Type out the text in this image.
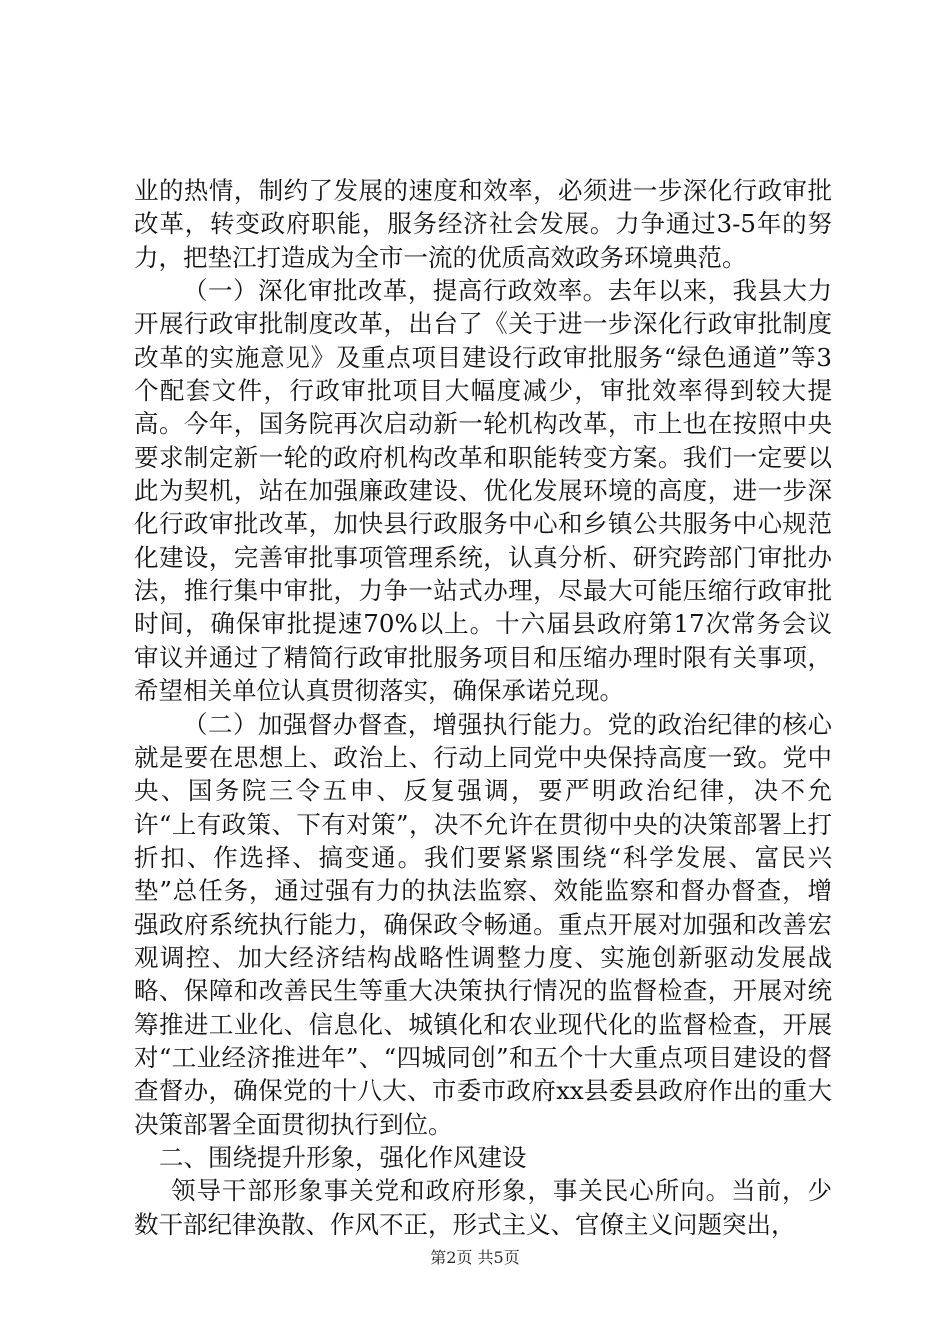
业的热情，制约了发展的速度和效率，必须进一步深化行政审批改革，转变政府职能，服务经济社会发展。力争通过3-5年的努力，把垫江打造成为全市一流的优质高效政务环境典范。

（一）深化审批改革，提高行政效率。去年以来，我县大力开展行政审批制度改革，出台了《关于进一步深化行政审批制度改革的实施意见》及重点项目建设行政审批服务“绿色通道”等3个配套文件，行政审批项目大幅度减少，审批效率得到较大提高。今年，国务院再次启动新一轮机构改革，市上也在按照中央要求制定新一轮的政府机构改革和职能转变方案。我们一定要以此为契机，站在加强廉政建设、优化发展环境的高度，进一步深化行政审批改革，加快县行政服务中心和乡镇公共服务中心规范化建设，完善审批事项管理系统，认真分析、研究跨部门审批办法，推行集中审批，力争一站式办理，尽最大可能压缩行政审批时间，确保审批提速70%以上。十六届县政府第17次常务会议审议并通过了精简行政审批服务项目和压缩办理时限有关事项，希望相关单位认真贯彻落实，确保承诺兑现。

（二）加强督办督查，增强执行能力。党的政治纪律的核心就是要在思想上、政治上、行动上同党中央保持高度一致。党中央、国务院三令五申、反复强调，要严明政治纪律，决不允许“上有政策、下有对策”，决不允许在贯彻中央的决策部署上打折扣、作选择、搞变通。我们要紧紧围绕“科学发展、富民兴垫”总任务，通过强有力的执法监察、效能监察和督办督查，增强政府系统执行能力，确保政令畅通。重点开展对加强和改善宏观调控、加大经济结构战略性调整力度、实施创新驱动发展战略、保障和改善民生等重大决策执行情况的监督检查，开展对统筹推进工业化、信息化、城镇化和农业现代化的监督检查，开展对“工业经济推进年”、“四城同创”和五个十大重点项目建设的督查督办，确保党的十八大、市委市政府xx县委县政府作出的重大决策部署全面贯彻执行到位。

二、围绕提升形象，强化作风建设

领导干部形象事关党和政府形象，事关民心所向。当前，少数干部纪律涣散、作风不正，形式主义、官僚主义问题突出，

第2页 共5页
